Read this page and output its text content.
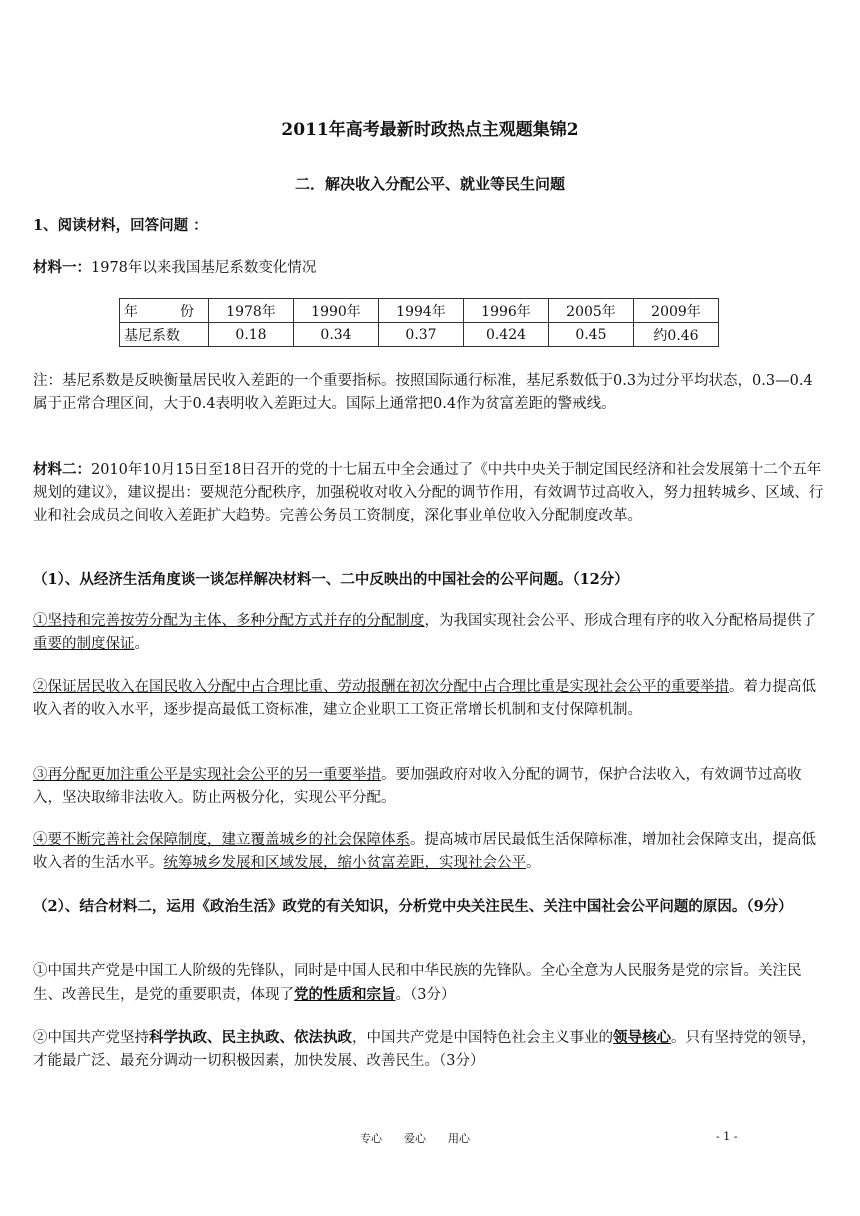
2011年高考最新时政热点主观题集锦2
二．解决收入分配公平、就业等民生问题
1、阅读材料，回答问题 ：
材料一：1978年以来我国基尼系数变化情况
年　　　份	1978年	1990年	1994年	1996年	2005年	2009年
基尼系数	0.18	0.34	0.37	0.424	0.45	约0.46
注：基尼系数是反映衡量居民收入差距的一个重要指标。按照国际通行标准，基尼系数低于0.3为过分平均状态，0.3—0.4属于正常合理区间，大于0.4表明收入差距过大。国际上通常把0.4作为贫富差距的警戒线。
材料二：2010年10月15日至18日召开的党的十七届五中全会通过了《中共中央关于制定国民经济和社会发展第十二个五年规划的建议》，建议提出：要规范分配秩序，加强税收对收入分配的调节作用，有效调节过高收入，努力扭转城乡、区域、行业和社会成员之间收入差距扩大趋势。完善公务员工资制度，深化事业单位收入分配制度改革。
（1）、从经济生活角度谈一谈怎样解决材料一、二中反映出的中国社会的公平问题。（12分）
①坚持和完善按劳分配为主体、多种分配方式并存的分配制度，为我国实现社会公平、形成合理有序的收入分配格局提供了重要的制度保证。
②保证居民收入在国民收入分配中占合理比重、劳动报酬在初次分配中占合理比重是实现社会公平的重要举措。着力提高低收入者的收入水平，逐步提高最低工资标准，建立企业职工工资正常增长机制和支付保障机制。
③再分配更加注重公平是实现社会公平的另一重要举措。要加强政府对收入分配的调节，保护合法收入，有效调节过高收入，坚决取缔非法收入。防止两极分化，实现公平分配。
④要不断完善社会保障制度，建立覆盖城乡的社会保障体系。提高城市居民最低生活保障标准，增加社会保障支出，提高低收入者的生活水平。统筹城乡发展和区域发展，缩小贫富差距，实现社会公平。
（2）、结合材料二，运用《政治生活》政党的有关知识，分析党中央关注民生、关注中国社会公平问题的原因。（9分）
①中国共产党是中国工人阶级的先锋队，同时是中国人民和中华民族的先锋队。全心全意为人民服务是党的宗旨。关注民生、改善民生，是党的重要职责，体现了党的性质和宗旨。（3分）
②中国共产党坚持科学执政、民主执政、依法执政，中国共产党是中国特色社会主义事业的领导核心。只有坚持党的领导，才能最广泛、最充分调动一切积极因素，加快发展、改善民生。（3分）
专心　　爱心　　用心	- 1 -
